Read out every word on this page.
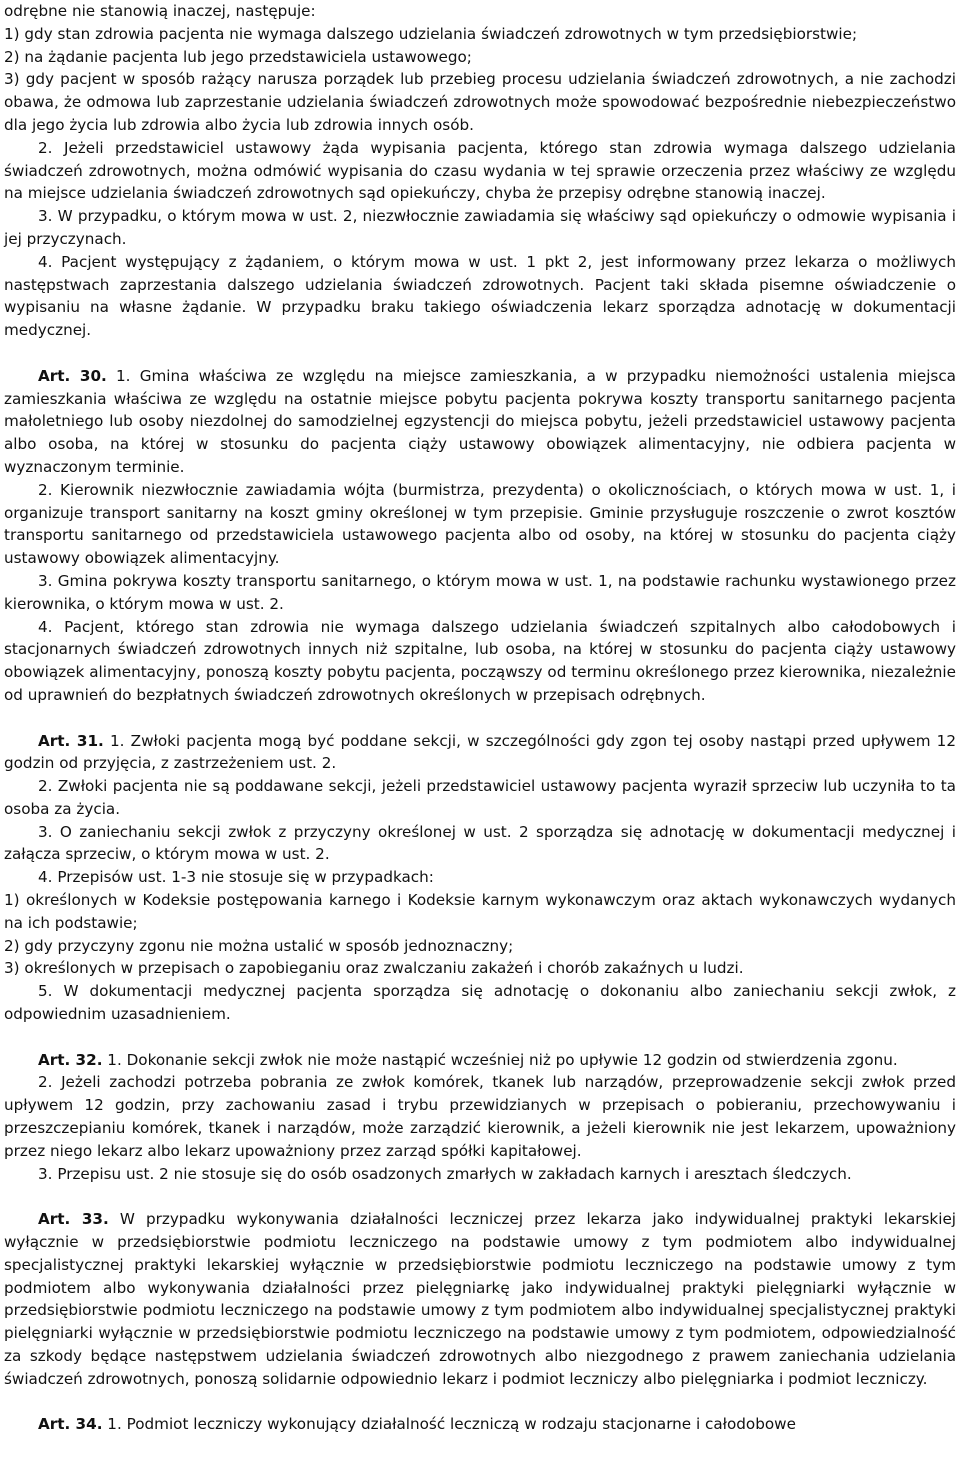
odrębne nie stanowią inaczej, następuje:

1) gdy stan zdrowia pacjenta nie wymaga dalszego udzielania świadczeń zdrowotnych w tym przedsiębiorstwie;

2) na żądanie pacjenta lub jego przedstawiciela ustawowego;

3) gdy pacjent w sposób rażący narusza porządek lub przebieg procesu udzielania świadczeń zdrowotnych, a nie zachodzi obawa, że odmowa lub zaprzestanie udzielania świadczeń zdrowotnych może spowodować bezpośrednie niebezpieczeństwo dla jego życia lub zdrowia albo życia lub zdrowia innych osób.

2. Jeżeli przedstawiciel ustawowy żąda wypisania pacjenta, którego stan zdrowia wymaga dalszego udzielania świadczeń zdrowotnych, można odmówić wypisania do czasu wydania w tej sprawie orzeczenia przez właściwy ze względu na miejsce udzielania świadczeń zdrowotnych sąd opiekuńczy, chyba że przepisy odrębne stanowią inaczej.

3. W przypadku, o którym mowa w ust. 2, niezwłocznie zawiadamia się właściwy sąd opiekuńczy o odmowie wypisania i jej przyczynach.

4. Pacjent występujący z żądaniem, o którym mowa w ust. 1 pkt 2, jest informowany przez lekarza o możliwych następstwach zaprzestania dalszego udzielania świadczeń zdrowotnych. Pacjent taki składa pisemne oświadczenie o wypisaniu na własne żądanie. W przypadku braku takiego oświadczenia lekarz sporządza adnotację w dokumentacji medycznej.

Art. 30. 1. Gmina właściwa ze względu na miejsce zamieszkania, a w przypadku niemożności ustalenia miejsca zamieszkania właściwa ze względu na ostatnie miejsce pobytu pacjenta pokrywa koszty transportu sanitarnego pacjenta małoletniego lub osoby niezdolnej do samodzielnej egzystencji do miejsca pobytu, jeżeli przedstawiciel ustawowy pacjenta albo osoba, na której w stosunku do pacjenta ciąży ustawowy obowiązek alimentacyjny, nie odbiera pacjenta w wyznaczonym terminie.

2. Kierownik niezwłocznie zawiadamia wójta (burmistrza, prezydenta) o okolicznościach, o których mowa w ust. 1, i organizuje transport sanitarny na koszt gminy określonej w tym przepisie. Gminie przysługuje roszczenie o zwrot kosztów transportu sanitarnego od przedstawiciela ustawowego pacjenta albo od osoby, na której w stosunku do pacjenta ciąży ustawowy obowiązek alimentacyjny.

3. Gmina pokrywa koszty transportu sanitarnego, o którym mowa w ust. 1, na podstawie rachunku wystawionego przez kierownika, o którym mowa w ust. 2.

4. Pacjent, którego stan zdrowia nie wymaga dalszego udzielania świadczeń szpitalnych albo całodobowych i stacjonarnych świadczeń zdrowotnych innych niż szpitalne, lub osoba, na której w stosunku do pacjenta ciąży ustawowy obowiązek alimentacyjny, ponoszą koszty pobytu pacjenta, począwszy od terminu określonego przez kierownika, niezależnie od uprawnień do bezpłatnych świadczeń zdrowotnych określonych w przepisach odrębnych.

Art. 31. 1. Zwłoki pacjenta mogą być poddane sekcji, w szczególności gdy zgon tej osoby nastąpi przed upływem 12 godzin od przyjęcia, z zastrzeżeniem ust. 2.

2. Zwłoki pacjenta nie są poddawane sekcji, jeżeli przedstawiciel ustawowy pacjenta wyraził sprzeciw lub uczyniła to ta osoba za życia.

3. O zaniechaniu sekcji zwłok z przyczyny określonej w ust. 2 sporządza się adnotację w dokumentacji medycznej i załącza sprzeciw, o którym mowa w ust. 2.

4. Przepisów ust. 1-3 nie stosuje się w przypadkach:

1) określonych w Kodeksie postępowania karnego i Kodeksie karnym wykonawczym oraz aktach wykonawczych wydanych na ich podstawie;

2) gdy przyczyny zgonu nie można ustalić w sposób jednoznaczny;

3) określonych w przepisach o zapobieganiu oraz zwalczaniu zakażeń i chorób zakaźnych u ludzi.

5. W dokumentacji medycznej pacjenta sporządza się adnotację o dokonaniu albo zaniechaniu sekcji zwłok, z odpowiednim uzasadnieniem.

Art. 32. 1. Dokonanie sekcji zwłok nie może nastąpić wcześniej niż po upływie 12 godzin od stwierdzenia zgonu.

2. Jeżeli zachodzi potrzeba pobrania ze zwłok komórek, tkanek lub narządów, przeprowadzenie sekcji zwłok przed upływem 12 godzin, przy zachowaniu zasad i trybu przewidzianych w przepisach o pobieraniu, przechowywaniu i przeszczepianiu komórek, tkanek i narządów, może zarządzić kierownik, a jeżeli kierownik nie jest lekarzem, upoważniony przez niego lekarz albo lekarz upoważniony przez zarząd spółki kapitałowej.

3. Przepisu ust. 2 nie stosuje się do osób osadzonych zmarłych w zakładach karnych i aresztach śledczych.

Art. 33. W przypadku wykonywania działalności leczniczej przez lekarza jako indywidualnej praktyki lekarskiej wyłącznie w przedsiębiorstwie podmiotu leczniczego na podstawie umowy z tym podmiotem albo indywidualnej specjalistycznej praktyki lekarskiej wyłącznie w przedsiębiorstwie podmiotu leczniczego na podstawie umowy z tym podmiotem albo wykonywania działalności przez pielęgniarkę jako indywidualnej praktyki pielęgniarki wyłącznie w przedsiębiorstwie podmiotu leczniczego na podstawie umowy z tym podmiotem albo indywidualnej specjalistycznej praktyki pielęgniarki wyłącznie w przedsiębiorstwie podmiotu leczniczego na podstawie umowy z tym podmiotem, odpowiedzialność za szkody będące następstwem udzielania świadczeń zdrowotnych albo niezgodnego z prawem zaniechania udzielania świadczeń zdrowotnych, ponoszą solidarnie odpowiednio lekarz i podmiot leczniczy albo pielęgniarka i podmiot leczniczy.

Art. 34. 1. Podmiot leczniczy wykonujący działalność leczniczą w rodzaju stacjonarne i całodobowe
